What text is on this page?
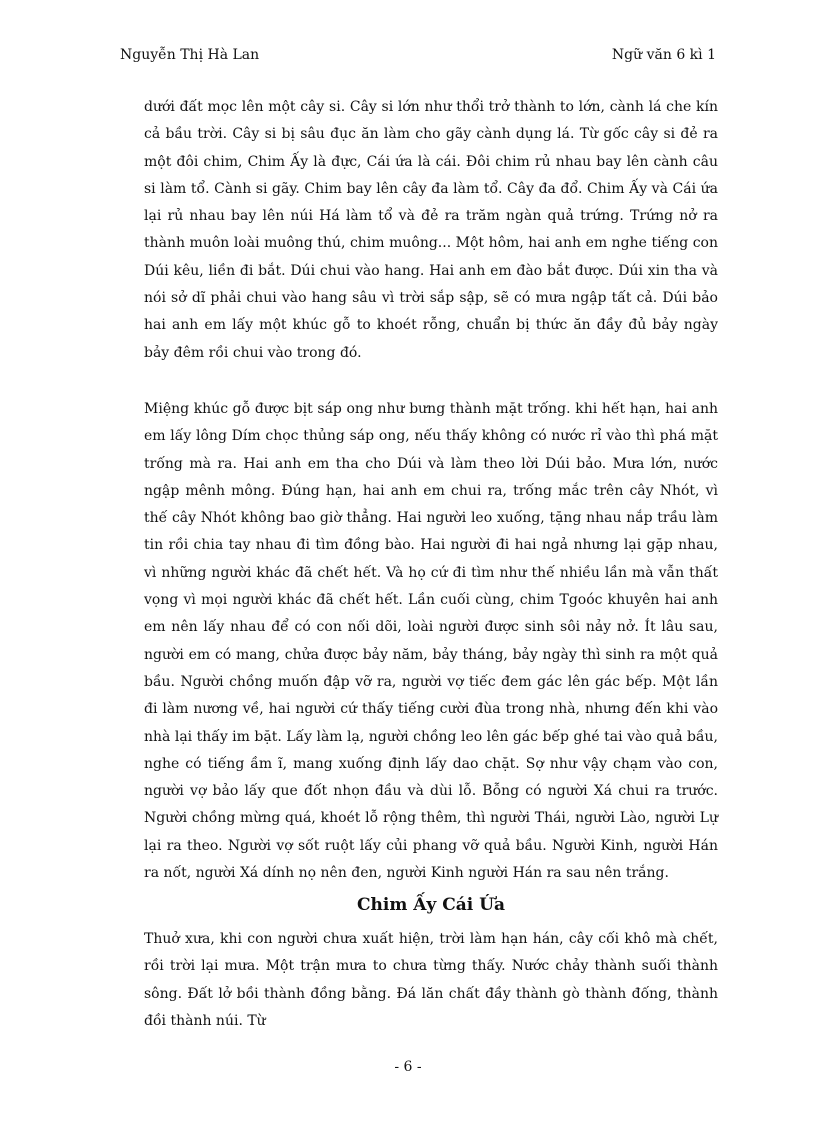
Nguyễn Thị Hà Lan	Ngữ văn 6 kì 1

dưới đất mọc lên một cây si. Cây si lớn như thổi trở thành to lớn, cành lá che kín cả bầu trời. Cây si bị sâu đục ăn làm cho gãy cành dụng lá. Từ gốc cây si đẻ ra một đôi chim, Chim Ấy là đực, Cái ứa là cái. Đôi chim rủ nhau bay lên cành câu si làm tổ. Cành si gãy. Chim bay lên cây đa làm tổ. Cây đa đổ. Chim Ấy và Cái ứa lại rủ nhau bay lên núi Há làm tổ và đẻ ra trăm ngàn quả trứng. Trứng nở ra thành muôn loài muông thú, chim muông... Một hôm, hai anh em nghe tiếng con Dúi kêu, liền đi bắt. Dúi chui vào hang. Hai anh em đào bắt được. Dúi xin tha và nói sở dĩ phải chui vào hang sâu vì trời sắp sập, sẽ có mưa ngập tất cả. Dúi bảo hai anh em lấy một khúc gỗ to khoét rỗng, chuẩn bị thức ăn đầy đủ bảy ngày bảy đêm rồi chui vào trong đó.

Miệng khúc gỗ được bịt sáp ong như bưng thành mặt trống. khi hết hạn, hai anh em lấy lông Dím chọc thủng sáp ong, nếu thấy không có nước rỉ vào thì phá mặt trống mà ra. Hai anh em tha cho Dúi và làm theo lời Dúi bảo. Mưa lớn, nước ngập mênh mông. Đúng hạn, hai anh em chui ra, trống mắc trên cây Nhót, vì thế cây Nhót không bao giờ thẳng. Hai người leo xuống, tặng nhau nắp trầu làm tin rồi chia tay nhau đi tìm đồng bào. Hai người đi hai ngả nhưng lại gặp nhau, vì những người khác đã chết hết. Và họ cứ đi tìm như thế nhiều lần mà vẫn thất vọng vì mọi người khác đã chết hết. Lần cuối cùng, chim Tgoóc khuyên hai anh em nên lấy nhau để có con nối dõi, loài người được sinh sôi nảy nở. Ít lâu sau, người em có mang, chửa được bảy năm, bảy tháng, bảy ngày thì sinh ra một quả bầu. Người chồng muốn đập vỡ ra, người vợ tiếc đem gác lên gác bếp. Một lần đi làm nương về, hai người cứ thấy tiếng cười đùa trong nhà, nhưng đến khi vào nhà lại thấy im bặt. Lấy làm lạ, người chồng leo lên gác bếp ghé tai vào quả bầu, nghe có tiếng ầm ĩ, mang xuống định lấy dao chặt. Sợ như vậy chạm vào con, người vợ bảo lấy que đốt nhọn đầu và dùi lỗ. Bỗng có người Xá chui ra trước. Người chồng mừng quá, khoét lỗ rộng thêm, thì người Thái, người Lào, người Lự lại ra theo. Người vợ sốt ruột lấy củi phang vỡ quả bầu. Người Kinh, người Hán ra nốt, người Xá dính nọ nên đen, người Kinh người Hán ra sau nên trắng.

Chim Ấy Cái Ứa

Thuở xưa, khi con người chưa xuất hiện, trời làm hạn hán, cây cối khô mà chết, rồi trời lại mưa. Một trận mưa to chưa từng thấy. Nước chảy thành suối thành sông. Đất lở bồi thành đồng bằng. Đá lăn chất đầy thành gò thành đống, thành đồi thành núi. Từ

- 6 -
